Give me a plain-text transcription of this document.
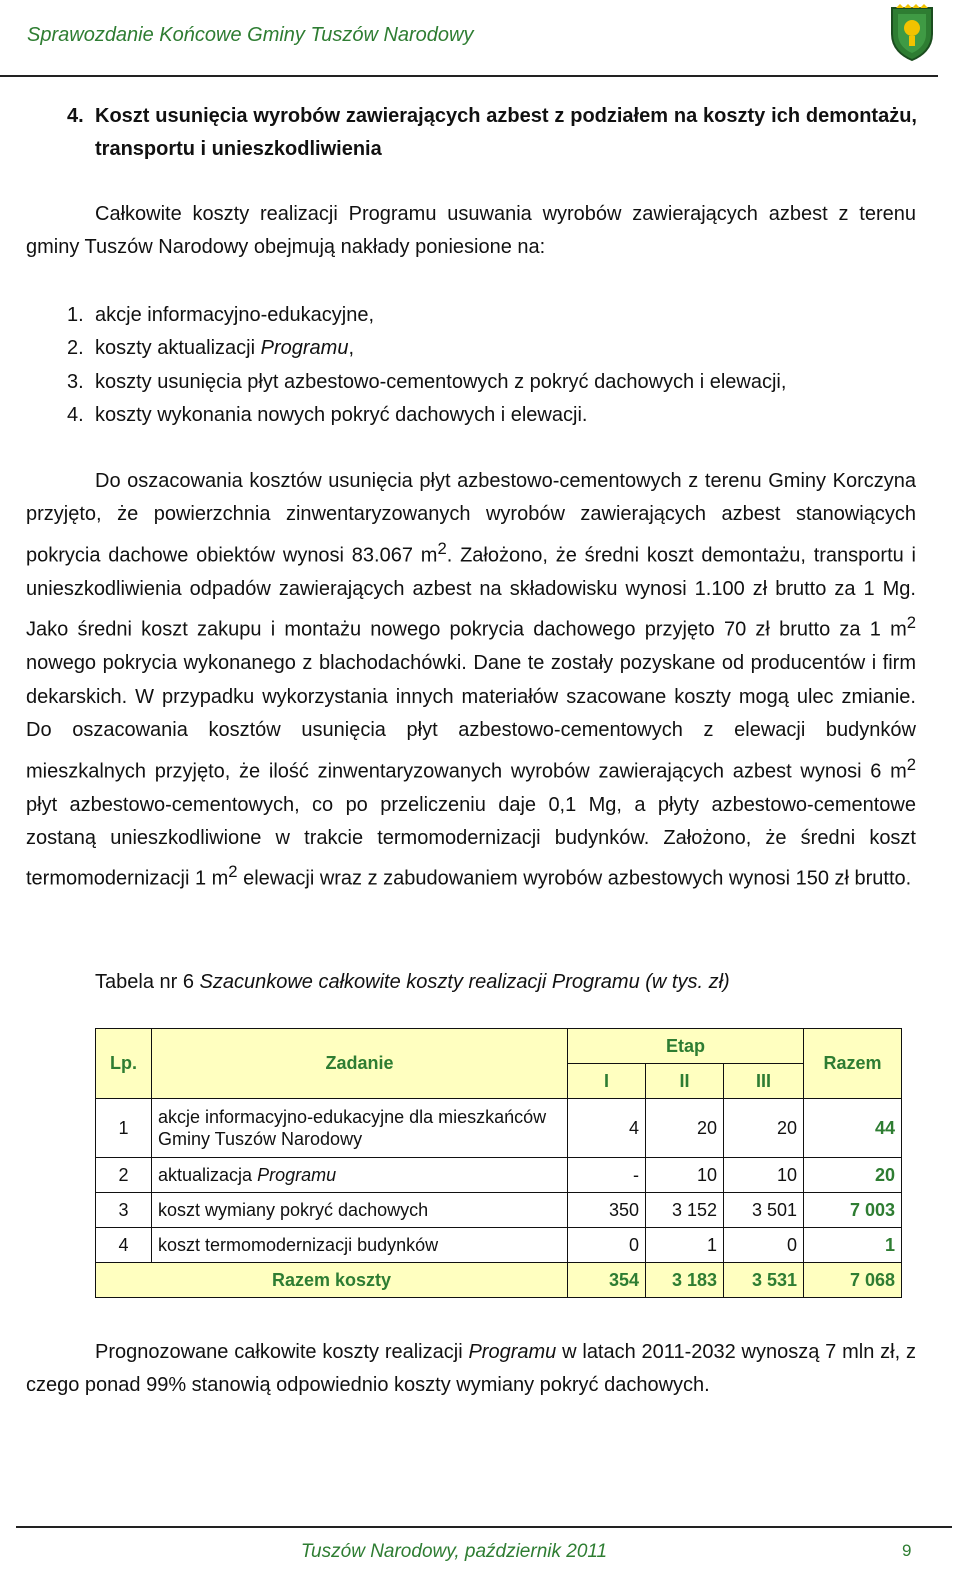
Sprawozdanie Końcowe Gminy Tuszów Narodowy
4. Koszt usunięcia wyrobów zawierających azbest z podziałem na koszty ich demontażu, transportu i unieszkodliwienia
Całkowite koszty realizacji Programu usuwania wyrobów zawierających azbest z terenu gminy Tuszów Narodowy obejmują nakłady poniesione na:
1. akcje informacyjno-edukacyjne,
2. koszty aktualizacji Programu,
3. koszty usunięcia płyt azbestowo-cementowych z pokryć dachowych i elewacji,
4. koszty wykonania nowych pokryć dachowych i elewacji.
Do oszacowania kosztów usunięcia płyt azbestowo-cementowych z terenu Gminy Korczyna przyjęto, że powierzchnia zinwentaryzowanych wyrobów zawierających azbest stanowiących pokrycia dachowe obiektów wynosi 83.067 $m^2$. Założono, że średni koszt demontażu, transportu i unieszkodliwienia odpadów zawierających azbest na składowisku wynosi 1.100 zł brutto za 1 Mg. Jako średni koszt zakupu i montażu nowego pokrycia dachowego przyjęto 70 zł brutto za 1 $m^2$ nowego pokrycia wykonanego z blachodachówki. Dane te zostały pozyskane od producentów i firm dekarskich. W przypadku wykorzystania innych materiałów szacowane koszty mogą ulec zmianie. Do oszacowania kosztów usunięcia płyt azbestowo-cementowych z elewacji budynków mieszkalnych przyjęto, że ilość zinwentaryzowanych wyrobów zawierających azbest wynosi 6 $m^2$ płyt azbestowo-cementowych, co po przeliczeniu daje 0,1 Mg, a płyty azbestowo-cementowe zostaną unieszkodliwione w trakcie termomodernizacji budynków. Założono, że średni koszt termomodernizacji 1 $m^2$ elewacji wraz z zabudowaniem wyrobów azbestowych wynosi 150 zł brutto.
Tabela nr 6 Szacunkowe całkowite koszty realizacji Programu (w tys. zł)
Lp.	Zadanie	Etap			Razem
		I	II	III	
1	akcje informacyjno-edukacyjne dla mieszkańców Gminy Tuszów Narodowy	4	20	20	44
2	aktualizacja Programu	-	10	10	20
3	koszt wymiany pokryć dachowych	350	3 152	3 501	7 003
4	koszt termomodernizacji budynków	0	1	0	1
Razem koszty		354	3 183	3 531	7 068
Prognozowane całkowite koszty realizacji Programu w latach 2011-2032 wynoszą 7 mln zł, z czego ponad 99% stanowią odpowiednio koszty wymiany pokryć dachowych.
Tuszów Narodowy, październik 2011	9
